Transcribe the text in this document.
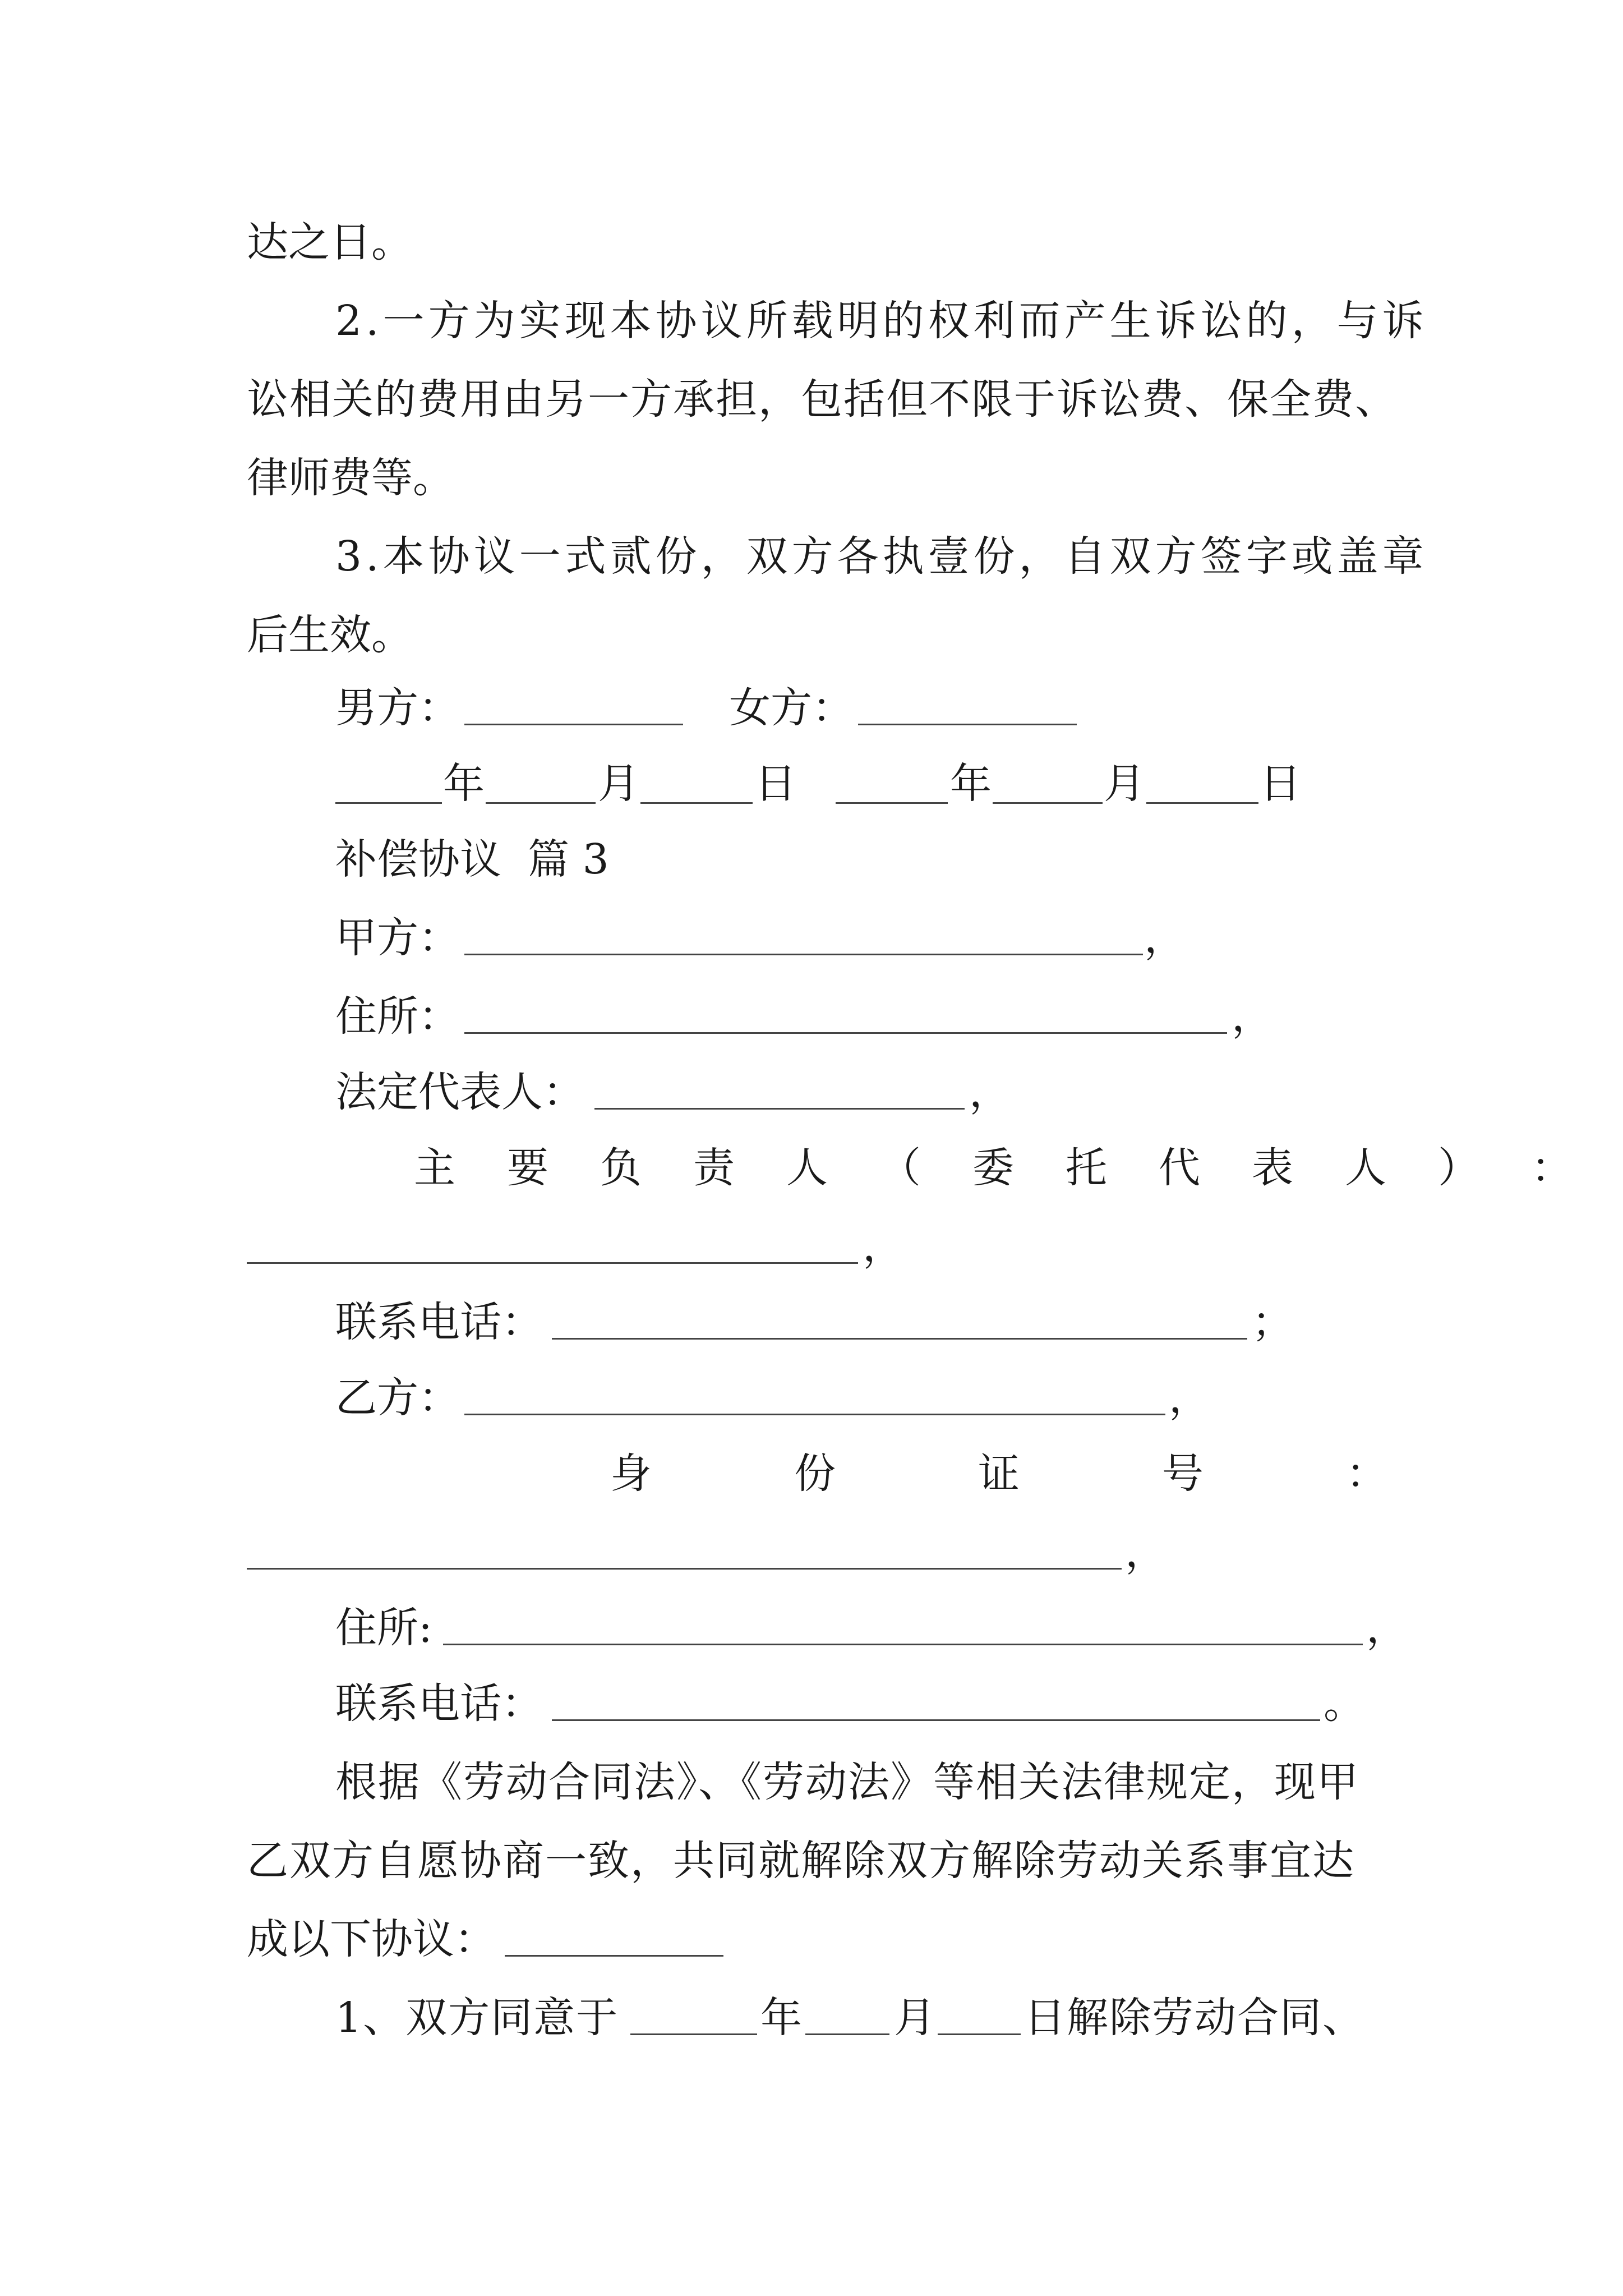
达之日。
2.一方为实现本协议所载明的权利而产生诉讼的，与诉
讼相关的费用由另一方承担，包括但不限于诉讼费、保全费、
律师费等。
3.本协议一式贰份，双方各执壹份，自双方签字或盖章
后生效。
男方：	女方：
年	月	日	年	月	日
补偿协议  篇 3
甲方：	，
住所：	，
法定代表人：	，
主 要 负 责 人 （ 委 托 代 表 人 ） ：
，
联系电话：	；
乙方：	，
身	份	证	号	：
，
住所:	，
联系电话：	。
根据《劳动合同法》、《劳动法》等相关法律规定，现甲
乙双方自愿协商一致，共同就解除双方解除劳动关系事宜达
成以下协议：
1、双方同意于	年 月 日解除劳动合同、
